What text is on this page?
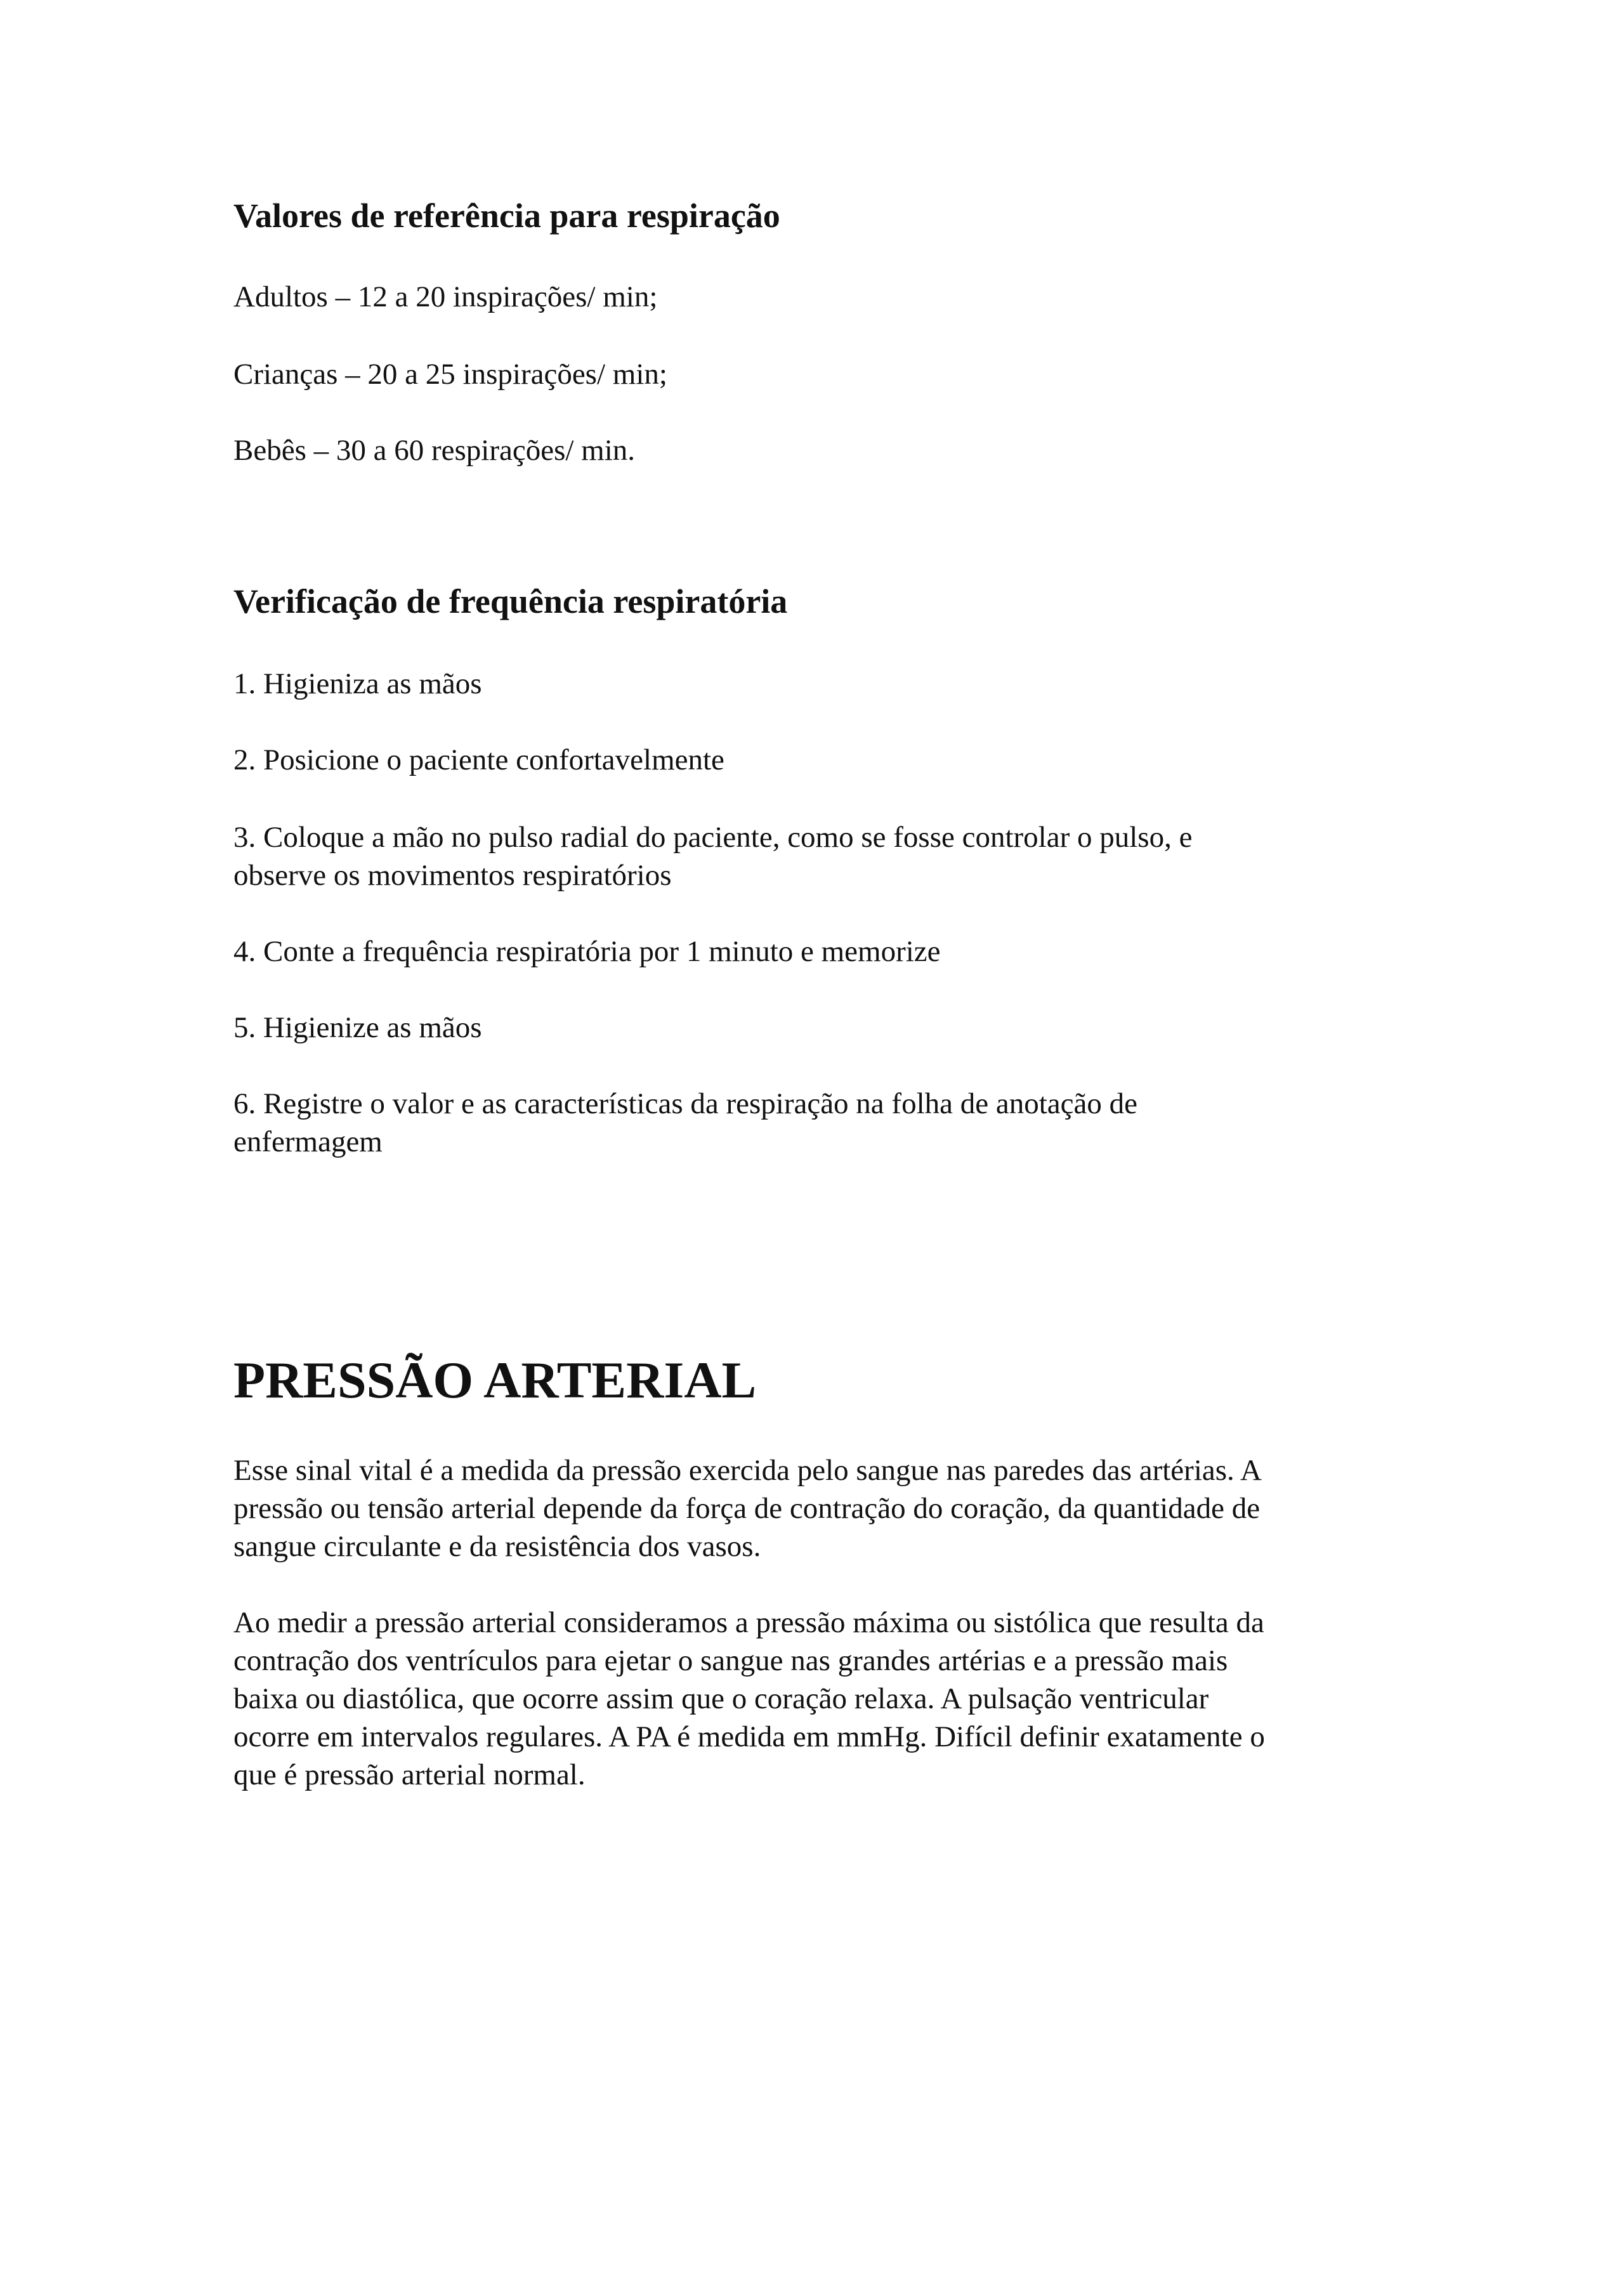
Valores de referência para respiração

Adultos – 12 a 20 inspirações/ min;

Crianças – 20 a 25 inspirações/ min;

Bebês – 30 a 60 respirações/ min.

Verificação de frequência respiratória

1. Higieniza as mãos

2. Posicione o paciente confortavelmente

3. Coloque a mão no pulso radial do paciente, como se fosse controlar o pulso, e

observe os movimentos respiratórios

4. Conte a frequência respiratória por 1 minuto e memorize

5. Higienize as mãos

6. Registre o valor e as características da respiração na folha de anotação de

enfermagem

PRESSÃO ARTERIAL

Esse sinal vital é a medida da pressão exercida pelo sangue nas paredes das artérias. A

pressão ou tensão arterial depende da força de contração do coração, da quantidade de

sangue circulante e da resistência dos vasos.

Ao medir a pressão arterial consideramos a pressão máxima ou sistólica que resulta da

contração dos ventrículos para ejetar o sangue nas grandes artérias e a pressão mais

baixa ou diastólica, que ocorre assim que o coração relaxa. A pulsação ventricular

ocorre em intervalos regulares. A PA é medida em mmHg. Difícil definir exatamente o

que é pressão arterial normal.
